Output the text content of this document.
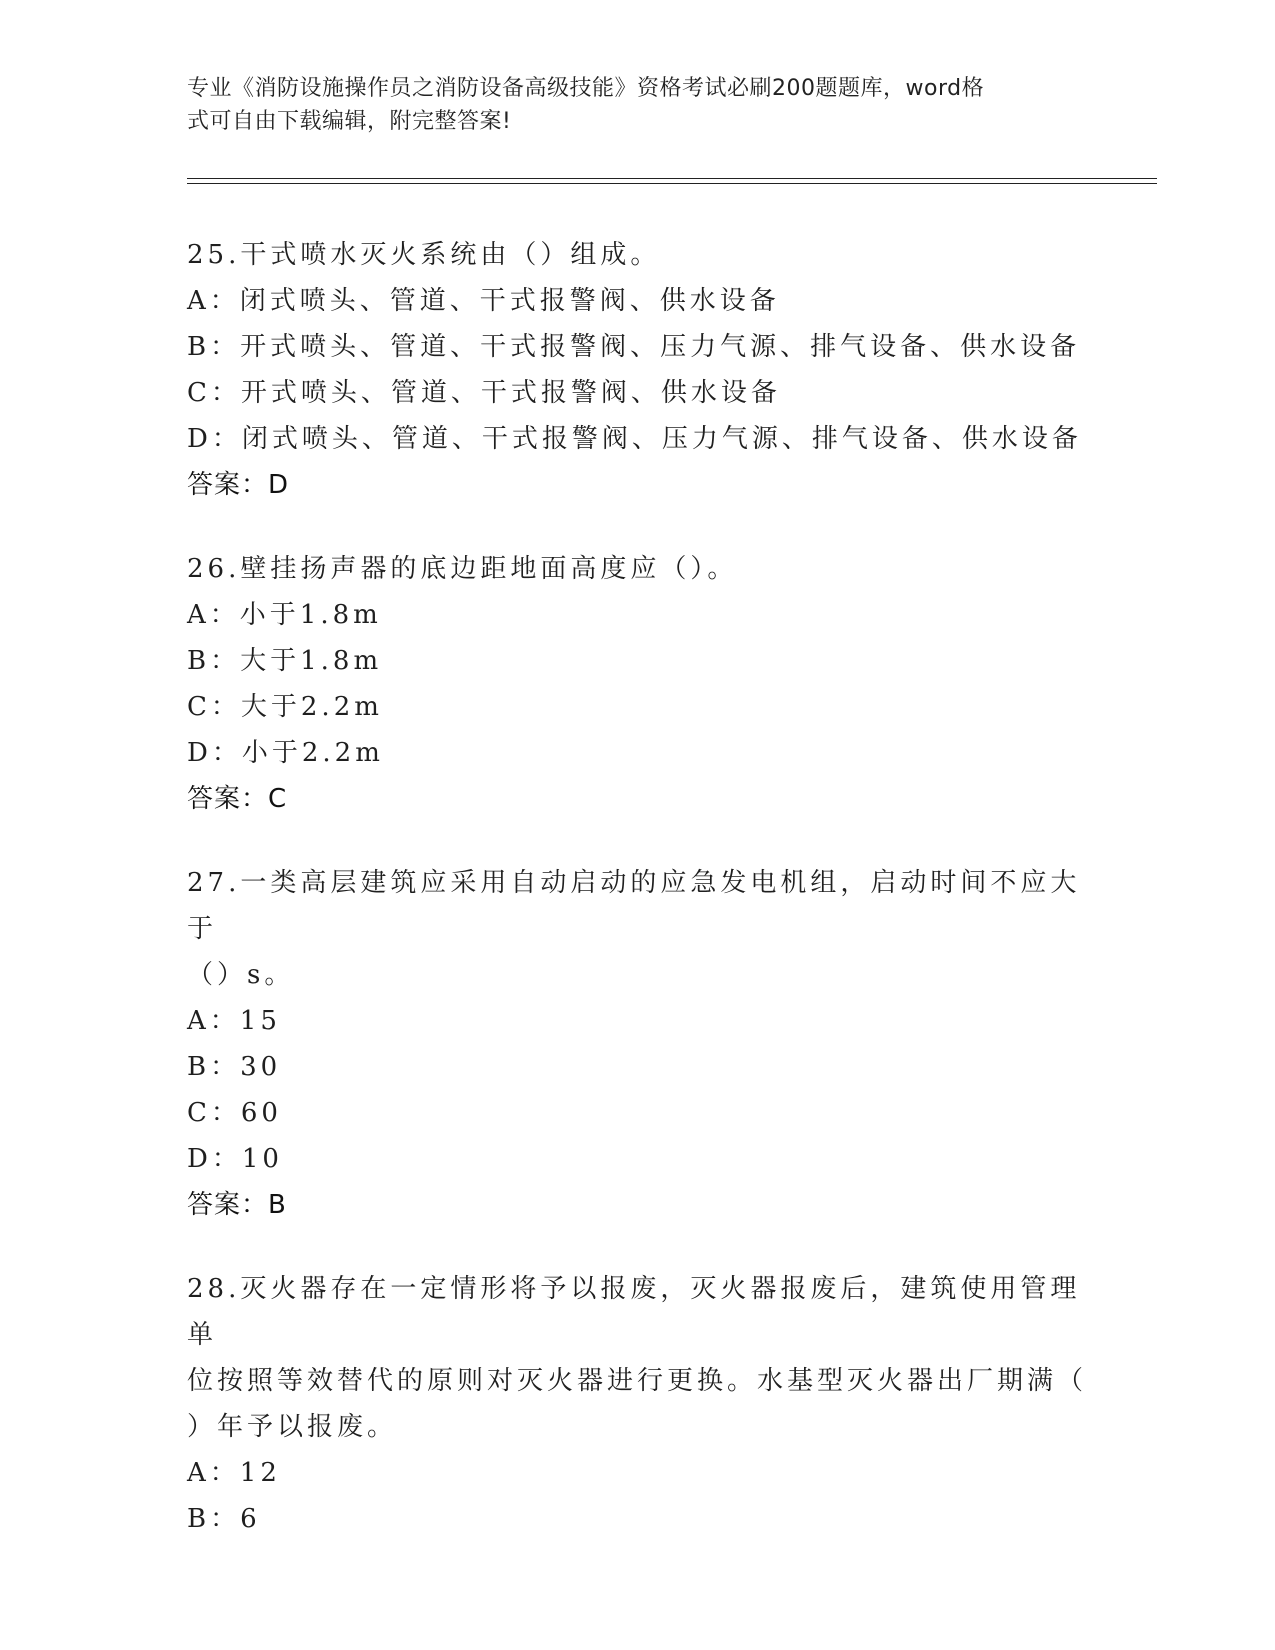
专业《消防设施操作员之消防设备高级技能》资格考试必刷200题题库，word格
式可自由下载编辑，附完整答案!
25.干式喷水灭火系统由（）组成。
A：闭式喷头、管道、干式报警阀、供水设备
B：开式喷头、管道、干式报警阀、压力气源、排气设备、供水设备
C：开式喷头、管道、干式报警阀、供水设备
D：闭式喷头、管道、干式报警阀、压力气源、排气设备、供水设备
答案：D
26.壁挂扬声器的底边距地面高度应（）。
A：小于1.8m
B：大于1.8m
C：大于2.2m
D：小于2.2m
答案：C
27.一类高层建筑应采用自动启动的应急发电机组，启动时间不应大于
（）s。
A：15
B：30
C：60
D：10
答案：B
28.灭火器存在一定情形将予以报废，灭火器报废后，建筑使用管理单
位按照等效替代的原则对灭火器进行更换。水基型灭火器出厂期满（
）年予以报废。
A：12
B：6
